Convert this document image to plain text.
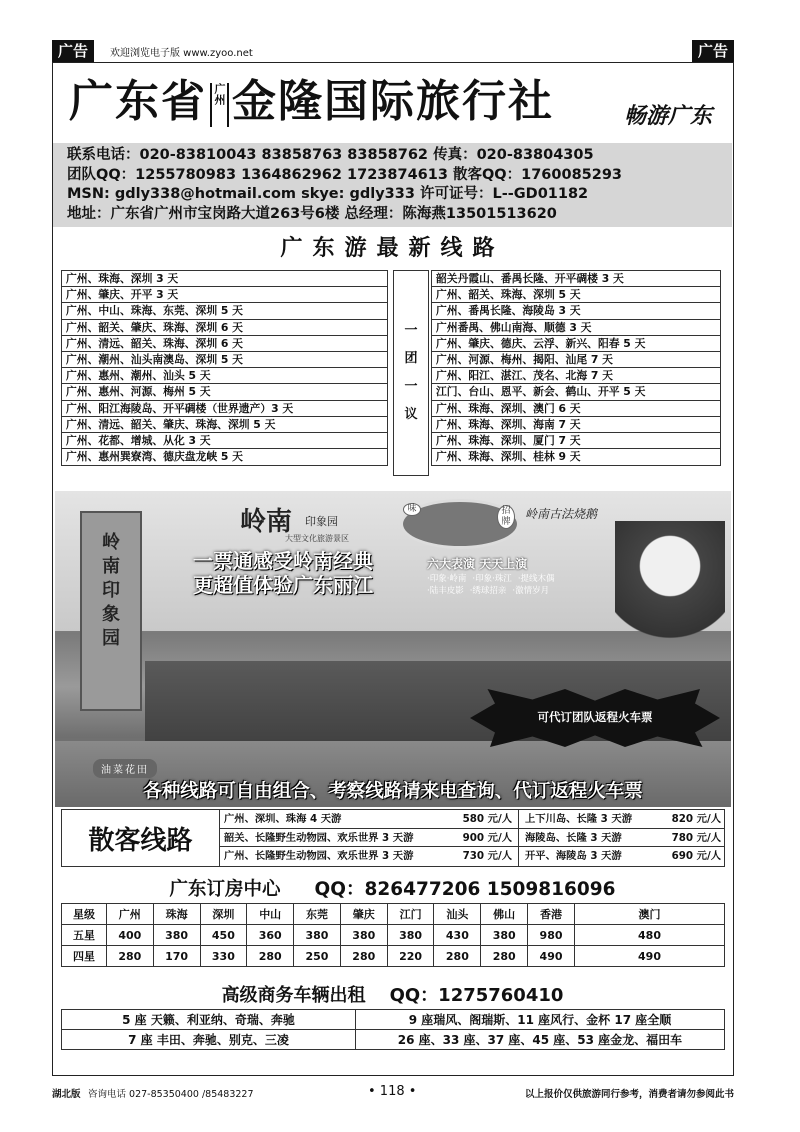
广告	欢迎浏览电子版 www.zyoo.net	广告
广东省 广州 金隆国际旅行社	畅游广东
联系电话：020-83810043 83858763 83858762 传真：020-83804305
团队QQ：1255780983 1364862962 1723874613 散客QQ：1760085293
MSN: gdly338@hotmail.com skye: gdly333 许可证号：L--GD01182
地址：广东省广州市宝岗路大道263号6楼 总经理：陈海燕13501513620
广东游最新线路
广州、珠海、深圳 3 天
广州、肇庆、开平 3 天
广州、中山、珠海、东莞、深圳 5 天
广州、韶关、肇庆、珠海、深圳 6 天
广州、清远、韶关、珠海、深圳 6 天
广州、潮州、汕头南澳岛、深圳 5 天
广州、惠州、潮州、汕头 5 天
广州、惠州、河源、梅州 5 天
广州、阳江海陵岛、开平碉楼（世界遗产）3 天
广州、清远、韶关、肇庆、珠海、深圳 5 天
广州、花都、增城、从化 3 天
广州、惠州巽寮湾、德庆盘龙峡 5 天
一
团
一
议
韶关丹霞山、番禺长隆、开平碉楼 3 天
广州、韶关、珠海、深圳 5 天
广州、番禺长隆、海陵岛 3 天
广州番禺、佛山南海、顺德 3 天
广州、肇庆、德庆、云浮、新兴、阳春 5 天
广州、河源、梅州、揭阳、汕尾 7 天
广州、阳江、湛江、茂名、北海 7 天
江门、台山、恩平、新会、鹤山、开平 5 天
广州、珠海、深圳、澳门 6 天
广州、珠海、深圳、海南 7 天
广州、珠海、深圳、厦门 7 天
广州、珠海、深圳、桂林 9 天
岭
南
印
象
园
岭南 印象园
大型文化旅游景区
一票通感受岭南经典
更超值体验广东丽江
味	招牌
岭南古法烧鹅
六大表演 天天上演
·印象·岭南 ·印象·珠江 ·提线木偶
·陆丰皮影 ·绣球招亲 ·激情岁月
可代订团队返程火车票
油菜花田
各种线路可自由组合、考察线路请来电查询、代订返程火车票
散客线路
广州、深圳、珠海 4 天游	580 元/人 上下川岛、长隆 3 天游	820 元/人
韶关、长隆野生动物园、欢乐世界 3 天游	900 元/人 海陵岛、长隆 3 天游	780 元/人
广州、长隆野生动物园、欢乐世界 3 天游	730 元/人 开平、海陵岛 3 天游	690 元/人
广东订房中心 QQ：826477206 1509816096
星级	广州	珠海	深圳	中山	东莞	肇庆	江门	汕头	佛山	香港	澳门
五星	400	380	450	360	380	380	380	430	380	980	480
四星	280	170	330	280	250	280	220	280	280	490	490
高级商务车辆出租 QQ：1275760410
5 座 天籁、利亚纳、奇瑞、奔驰	9 座瑞风、阁瑞斯、11 座风行、金杯 17 座全顺
7 座 丰田、奔驰、别克、三凌	26 座、33 座、37 座、45 座、53 座金龙、福田车
湖北版 咨询电话 027-85350400 /85483227	• 118 •	以上报价仅供旅游同行参考，消费者请勿参阅此书
